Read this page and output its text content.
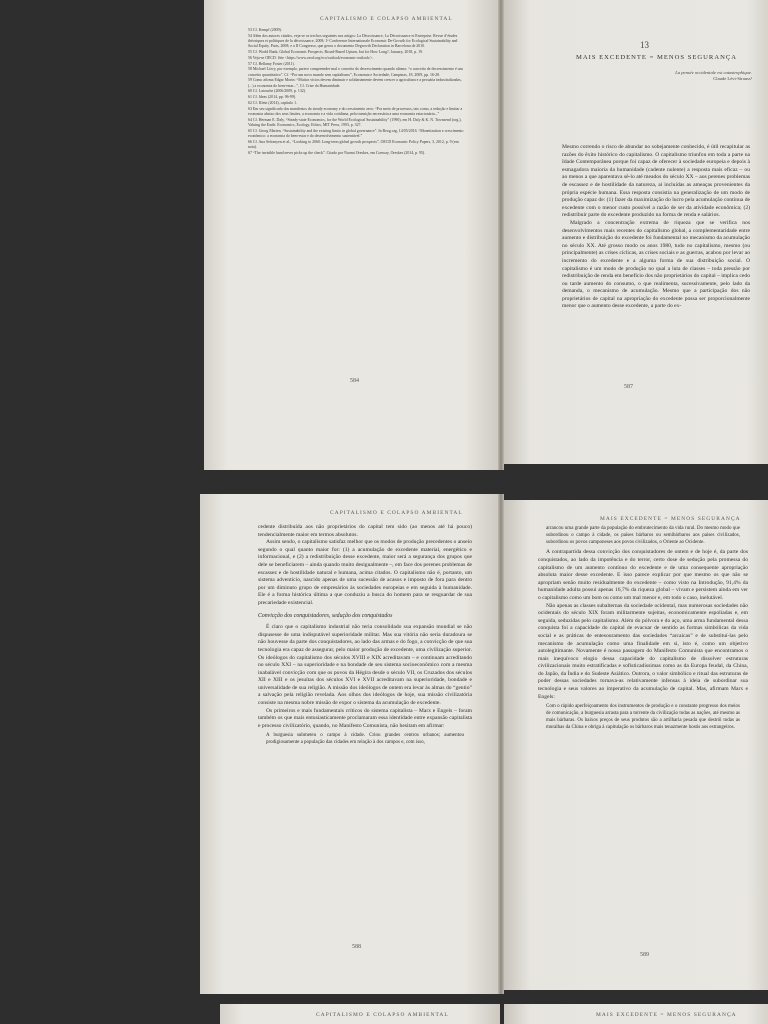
CAPITALISMO E COLAPSO AMBIENTAL

53 Cf. Kempf (2009).

54 Além dos autores citados, veja-se os trechos seguintes nos artigos: La Décroissance, La Décroissance et Entreprise. Revue d’études théoriques et politiques de la décroissance, 2008; 1ª Conference Internationale Economic De-Growth for Ecological Sustainability and Social Equity. Paris, 2008; e a II Congresso, que gerou o documento Degrowth Declaration in Barcelona de 2010.

55 Cf. World Bank, Global Economic Prospects. Broad-Based Upturn, but for How Long?, January, 2018, p. 19.

56 Veja-se OECD. Site <https://www.oecd.org/eco/outlook/economic-outlook/>.

57 Cf. Bellamy Foster (2011).

58 Michael Löwy, por exemplo, parece compreender mal o conceito do decrescimento quando afirma: “o conceito de decrescimento é um conceito quantitativo”. Cf. “Por um novo mundo sem capitalismo”, Economia e Sociedade, Campinas, 18, 2009, pp. 16-28.

59 Como afirma Edgar Morin: “Muitos vícios devem diminuir e solidariamente devem crescer a agricultura e a pecuária industrializadas, (...) a economia do bem-estar...”, Cf. Crise da Humanidade.

60 Cf. Latouche (2006/2009, p. 132).

61 Cf. Ideas (2014, pp. 96-99).

62 Cf. Klein (2014), capítulo 1.

63 Em seu significado dos manifestos do steady economy e do crescimento zero: “Por meio de processos, tais como, a redução e limitar a economia abaixo dos seus limites, a economia e a vida cotidiana, pela transição necessária a uma economia estacionária...”

64 Cf. Herman E. Daly, “Steady-state Economics, for the World Ecological Sustainability” (1990), em H. Daly & K. N. Townsend (org.), Valuing the Earth: Economics, Ecology, Ethics, MIT Press, 1993, p. 327.

65 Cf. Georg Marten, “Sustainability and the existing limits in global governance”. In Beog.org, 14/05/2016. “Monetization e crescimento econômico: a economia do bem-estar e do desenvolvimento sustentável.”

66 Cf. Ana Sefranyen et al., “Looking to 2060: Long-term global growth prospects”, OECD Economic Policy Papers, 3, 2012, p. 9 (em nota).

67 “The invisible hand never picks up the check”. Citado por Naomi Oreskes, em Conway, Oreskes (2014, p. 95).

584
13
MAIS EXCEDENTE = MENOS SEGURANÇA
La pensée occidentale est catastrophique.
Claude Lévi-Strauss¹

Mesmo correndo o risco de abundar no sobejamente conhecido, é útil recapitular as razões do êxito histórico do capitalismo. O capitalismo triunfou em toda a parte na Idade Contemporânea porque foi capaz de oferecer à sociedade europeia e depois à esmagadora maioria da humanidade (cadente nulente) a resposta mais eficaz – ou ao menos a que aparentava sê-lo até meados do século XX – aos perenes problemas de escassez e de hostilidade da natureza, aí incluídas as ameaças provenientes da própria espécie humana. Essa resposta consistia na generalização de um modo de produção capaz de: (1) fazer da maximização do lucro pela acumulação contínua de excedente com o menor custo possível a razão de ser da atividade econômica; (2) redistribuir parte do excedente produzido na forma de renda e salários.

Malgrado a concentração extrema de riqueza que se verifica nos desenvolvimentos mais recentes do capitalismo global, a complementaridade entre aumento e distribuição do excedente foi fundamental no mecanismo da acumulação no século XX. Até grosso modo os anos 1980, tudo no capitalismo, mesmo (ou principalmente) as crises cíclicas, as crises sociais e as guerras, acabou por levar ao incremento do excedente e a alguma forma de sua distribuição social. O capitalismo é um modo de produção no qual a luta de classes – toda pressão por redistribuição de renda em benefício dos não proprietários do capital – implica cedo ou tarde aumento do consumo, o que realimenta, sucessivamente, pelo lado da demanda, o mecanismo de acumulação. Mesmo que a participação dos não proprietários de capital na apropriação do excedente possa ser proporcionalmente menor que o aumento desse excedente, a parte do ex-

587
CAPITALISMO E COLAPSO AMBIENTAL

cedente distribuída aos não proprietários do capital tem sido (ao menos até há pouco) tendencialmente maior em termos absolutos.

Assim sendo, o capitalismo satisfaz melhor que os modos de produção precedentes o anseio segundo o qual quanto maior for: (1) a acumulação de excedente material, energético e informacional, e (2) a redistribuição desse excedente, maior será a segurança dos grupos que dele se beneficiarem – ainda quando muito desigualmente –, em face dos perenes problemas de escassez e de hostilidade natural e humana, acima citados. O capitalismo não é, portanto, um sistema adventício, nascido apenas de uma sucessão de acasos e imposto de fora para dentro por um diminuto grupo de empresários às sociedades europeias e em seguida à humanidade. Ele é a forma histórica última a que conduziu a busca do homem para se resguardar de sua precariedade existencial.

Convicção dos conquistadores, sedução dos conquistados

É claro que o capitalismo industrial não teria consolidado sua expansão mundial se não dispusesse de uma indisputável superioridade militar. Mas sua vitória não seria duradoura se não houvesse da parte dos conquistadores, ao lado das armas e do fogo, a convicção de que sua tecnologia era capaz de assegurar, pelo maior produção de excedente, uma civilização superior. Os ideólogos do capitalismo dos séculos XVIII e XIX acreditavam – e continuam acreditando no século XXI – na superioridade e na bondade de seu sistema socioeconômico com a mesma inabalável convicção com que os povos da Hégira desde o século VII, os Cruzados dos séculos XII e XIII e os jesuítas dos séculos XVI e XVII acreditavam na superioridade, bondade e universalidade de sua religião. A missão dos ideólogos de ontem era levar às almas do “gentio” a salvação pela religião revelada. Aos olhos dos ideólogos de hoje, sua missão civilizatória consiste na mesma nobre missão de expor o sistema da acumulação de excedente.

Os primeiros e mais fundamentais críticos do sistema capitalista – Marx e Engels – foram também os que mais entusiasticamente proclamaram essa identidade entre expansão capitalista e processo civilizatório, quando, no Manifesto Comunista, não hesitam em afirmar:

A burguesia submeteu o campo à cidade. Criou grandes centros urbanos; aumentou prodigiosamente a população das cidades em relação à dos campos e, com isso,

588
MAIS EXCEDENTE = MENOS SEGURANÇA

arrancou uma grande parte da população do embrutecimento da vida rural. Do mesmo modo que subordinou o campo à cidade, os países bárbaros ou semibárbaros aos países civilizados, subordinou os povos camponeses aos povos civilizados, o Oriente ao Ocidente.

A contrapartida dessa convicção dos conquistadores de ontem e de hoje é, da parte dos conquistados, ao lado da impotência e do terror, certo dose de sedução pela promessa do capitalismo de um aumento contínuo do excedente e de uma consequente apropriação absoluta maior desse excedente. E isso parece explicar por que mesmo os que não se apropriam senão muito residualmente do excedente – como visto na Introdução, 91,4% da humanidade adulta possui apenas 16,7% da riqueza global – vivam e persistem ainda em ver o capitalismo como um bom ou como um mal menor e, em todo o caso, inelutável.

Não apenas as classes subalternas da sociedade ocidental, mas numerosas sociedades não ocidentais do século XIX foram militarmente sujeitas, economicamente espoliadas e, em seguida, seduzidas pelo capitalismo. Além do pólvora e do aço, uma arma fundamental dessa conquista foi a capacidade do capital de evacuar de sentido as formas simbólicas da vida social e as práticas de entesouramento das sociedades “arcaicas” e de substituí-las pelo mecanismo de acumulação como uma finalidade em si, isto é, como um objetivo autolegitimante. Novamente é nossa passagem do Manifesto Comunista que encontramos o mais inequívoco elogio dessa capacidade do capitalismo de dissolver estruturas civilizacionais muito estratificadas e sofisticadíssimas como as da Europa feudal, da China, do Japão, da Índia e do Sudeste Asiático. Outrora, o valor simbólico e ritual das estruturas de poder dessas sociedades tornava-as relativamente infensas à ideia de subordinar sua tecnologia e seus valores ao imperativo da acumulação de capital. Mas, afirmam Marx e Engels:

Com o rápido aperfeiçoamento dos instrumentos de produção e o constante progresso dos meios de comunicação, a burguesia arrasta para a torrente da civilização todas as nações, até mesmo as mais bárbaras. Os baixos preços de seus produtos são a artilharia pesada que destrói todas as muralhas da China e obriga à capitulação os bárbaros mais tenazmente hostis aos estrangeiros.

589
CAPITALISMO E COLAPSO AMBIENTAL	MAIS EXCEDENTE = MENOS SEGURANÇA
